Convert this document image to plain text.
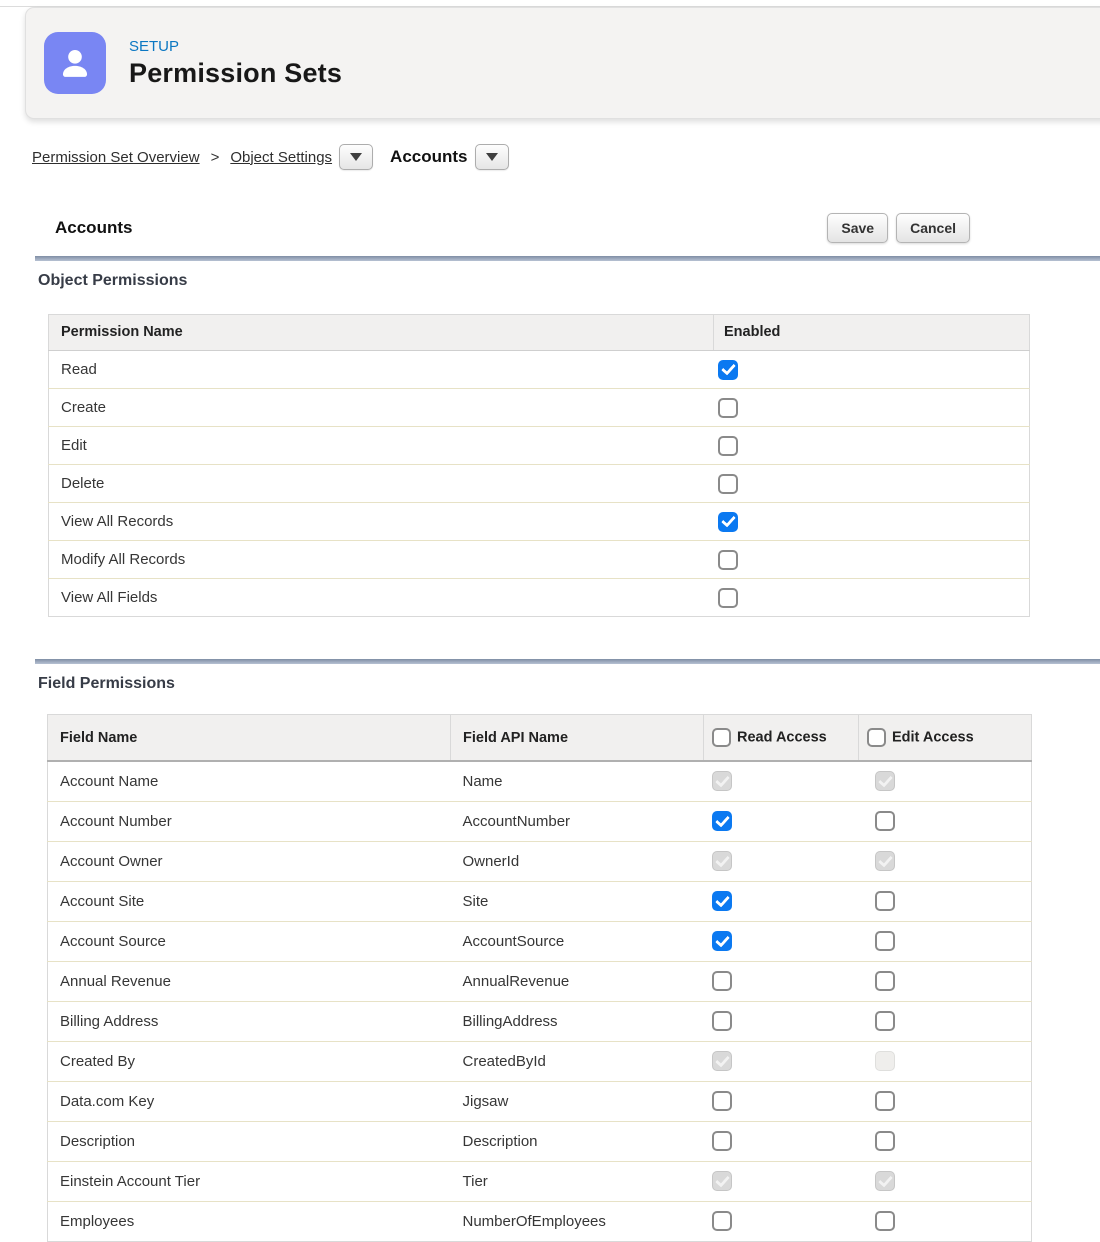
SETUP
Permission Sets
Permission Set Overview > Object Settings	Accounts
Accounts	Save	Cancel
Object Permissions
Permission Name	Enabled
Read	
Create	
Edit	
Delete	
View All Records	
Modify All Records	
View All Fields	
Field Permissions
Field Name	Field API Name	Read Access	Edit Access
Account Name	Name		
Account Number	AccountNumber		
Account Owner	OwnerId		
Account Site	Site		
Account Source	AccountSource		
Annual Revenue	AnnualRevenue		
Billing Address	BillingAddress		
Created By	CreatedById		
Data.com Key	Jigsaw		
Description	Description		
Einstein Account Tier	Tier		
Employees	NumberOfEmployees		
